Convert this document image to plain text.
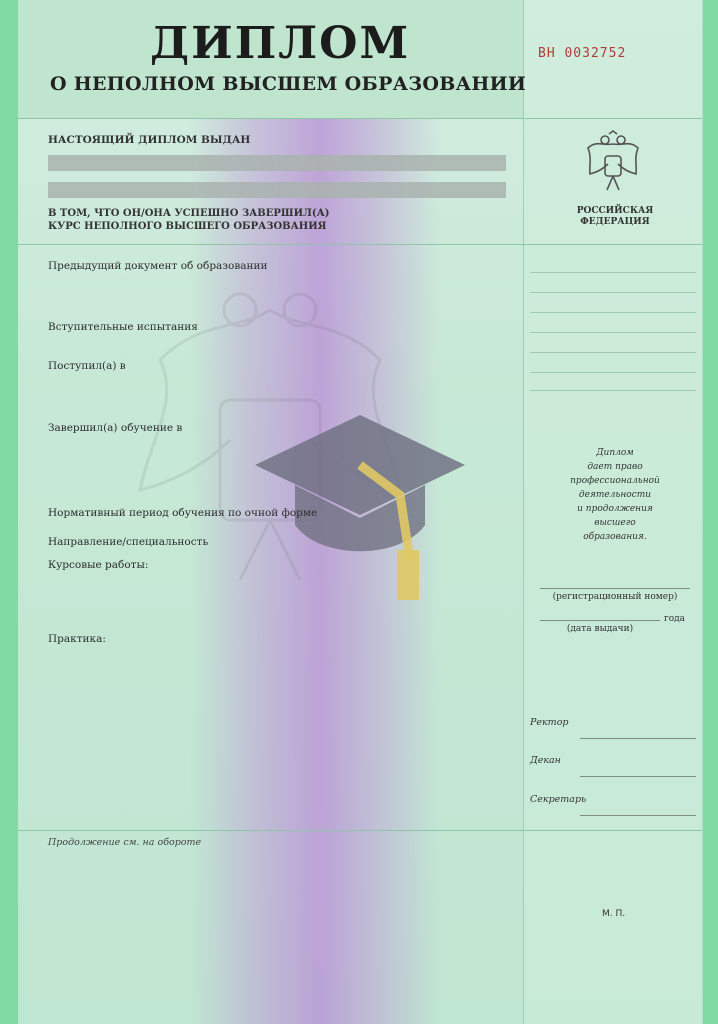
ДИПЛОМ
О НЕПОЛНОМ ВЫСШЕМ ОБРАЗОВАНИИ
ВН 0032752
НАСТОЯЩИЙ ДИПЛОМ ВЫДАН
В ТОМ, ЧТО ОН/ОНА УСПЕШНО ЗАВЕРШИЛ(А)
КУРС НЕПОЛНОГО ВЫСШЕГО ОБРАЗОВАНИЯ
РОССИЙСКАЯ
ФЕДЕРАЦИЯ
Предыдущий документ об образовании
Вступительные испытания
Поступил(а) в
Завершил(а) обучение в
Нормативный период обучения по очной форме
Направление/специальность
Курсовые работы:
Практика:
Диплом
дает право
профессиональной
деятельности
и продолжения
высшего
образования.
(регистрационный номер)
года
(дата выдачи)
Ректор
Декан
Секретарь
Продолжение см. на обороте
М. П.
